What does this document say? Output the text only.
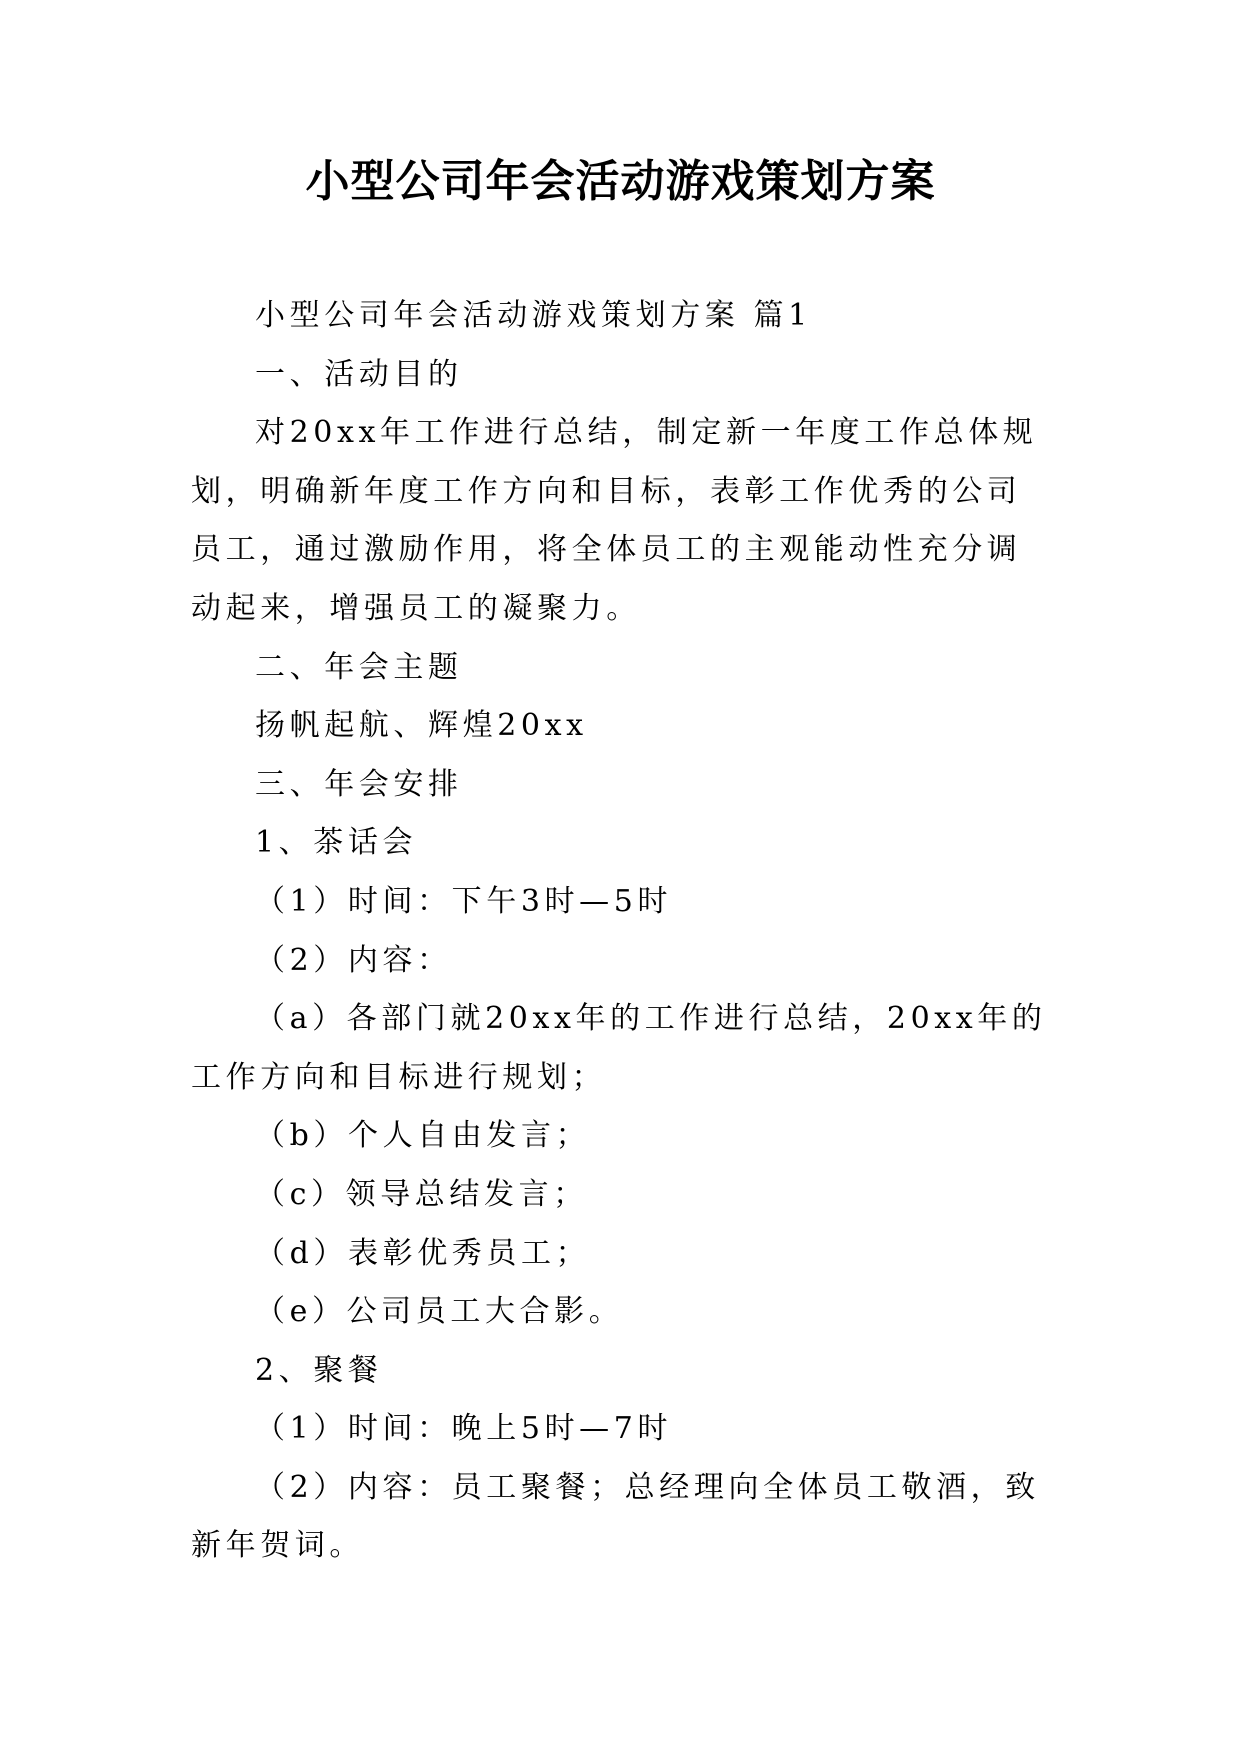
小型公司年会活动游戏策划方案

小型公司年会活动游戏策划方案 篇1

一、活动目的

对20xx年工作进行总结，制定新一年度工作总体规划，明确新年度工作方向和目标，表彰工作优秀的公司员工，通过激励作用，将全体员工的主观能动性充分调动起来，增强员工的凝聚力。

二、年会主题

扬帆起航、辉煌20xx

三、年会安排

1、茶话会

（1）时间：下午3时—5时

（2）内容：

（a）各部门就20xx年的工作进行总结，20xx年的工作方向和目标进行规划；

（b）个人自由发言；

（c）领导总结发言；

（d）表彰优秀员工；

（e）公司员工大合影。

2、聚餐

（1）时间：晚上5时—7时

（2）内容：员工聚餐；总经理向全体员工敬酒，致新年贺词。
